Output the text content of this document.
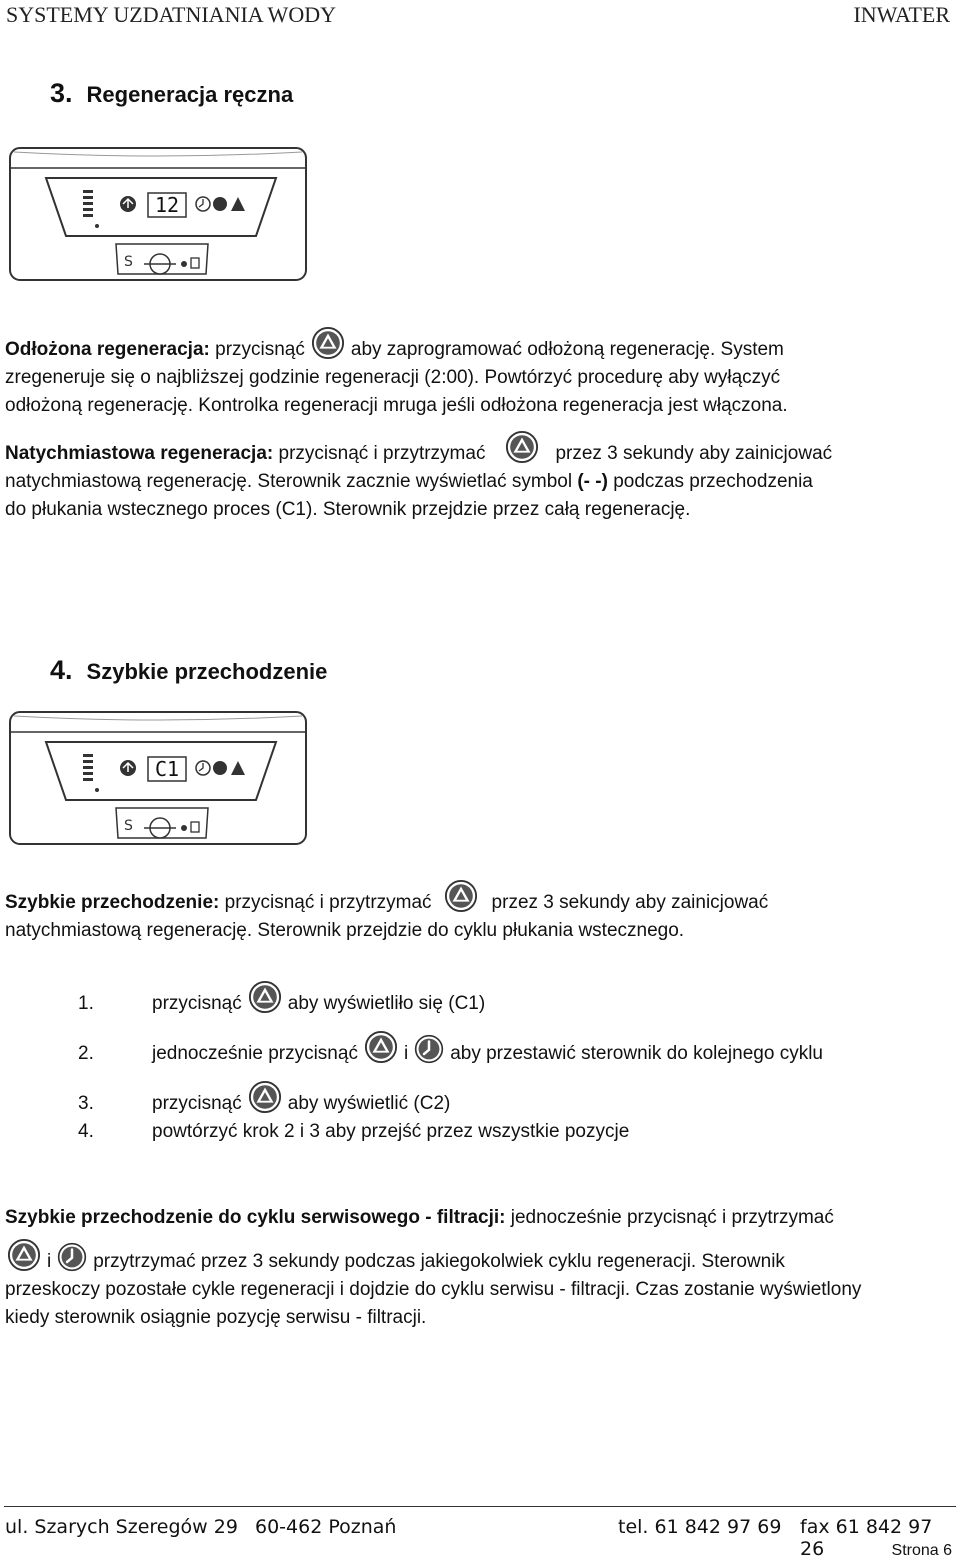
SYSTEMY UZDATNIANIA WODY	INWATER
3. Regeneracja ręczna
12
S
Odłożona regeneracja: przycisnąć aby zaprogramować odłożoną regenerację. System
zregeneruje się o najbliższej godzinie regeneracji (2:00). Powtórzyć procedurę aby wyłączyć
odłożoną regenerację. Kontrolka regeneracji mruga jeśli odłożona regeneracja jest włączona.
Natychmiastowa regeneracja: przycisnąć i przytrzymać	przez 3 sekundy aby zainicjować
natychmiastową regenerację. Sterownik zacznie wyświetlać symbol (- -) podczas przechodzenia
do płukania wstecznego proces (C1). Sterownik przejdzie przez całą regenerację.
4. Szybkie przechodzenie
C1
S
Szybkie przechodzenie: przycisnąć i przytrzymać	przez 3 sekundy aby zainicjować
natychmiastową regenerację. Sterownik przejdzie do cyklu płukania wstecznego.
1.	przycisnąć aby wyświetliło się (C1)
2.	jednocześnie przycisnąć i aby przestawić sterownik do kolejnego cyklu
3.	przycisnąć aby wyświetlić (C2)
4.	powtórzyć krok 2 i 3 aby przejść przez wszystkie pozycje
Szybkie przechodzenie do cyklu serwisowego - filtracji: jednocześnie przycisnąć i przytrzymać
i przytrzymać przez 3 sekundy podczas jakiegokolwiek cyklu regeneracji. Sterownik
przeskoczy pozostałe cykle regeneracji i dojdzie do cyklu serwisu - filtracji. Czas zostanie wyświetlony
kiedy sterownik osiągnie pozycję serwisu - filtracji.
ul. Szarych Szeregów 29 60-462 Poznań	tel. 61 842 97 69 fax 61 842 97 26	Strona 6
